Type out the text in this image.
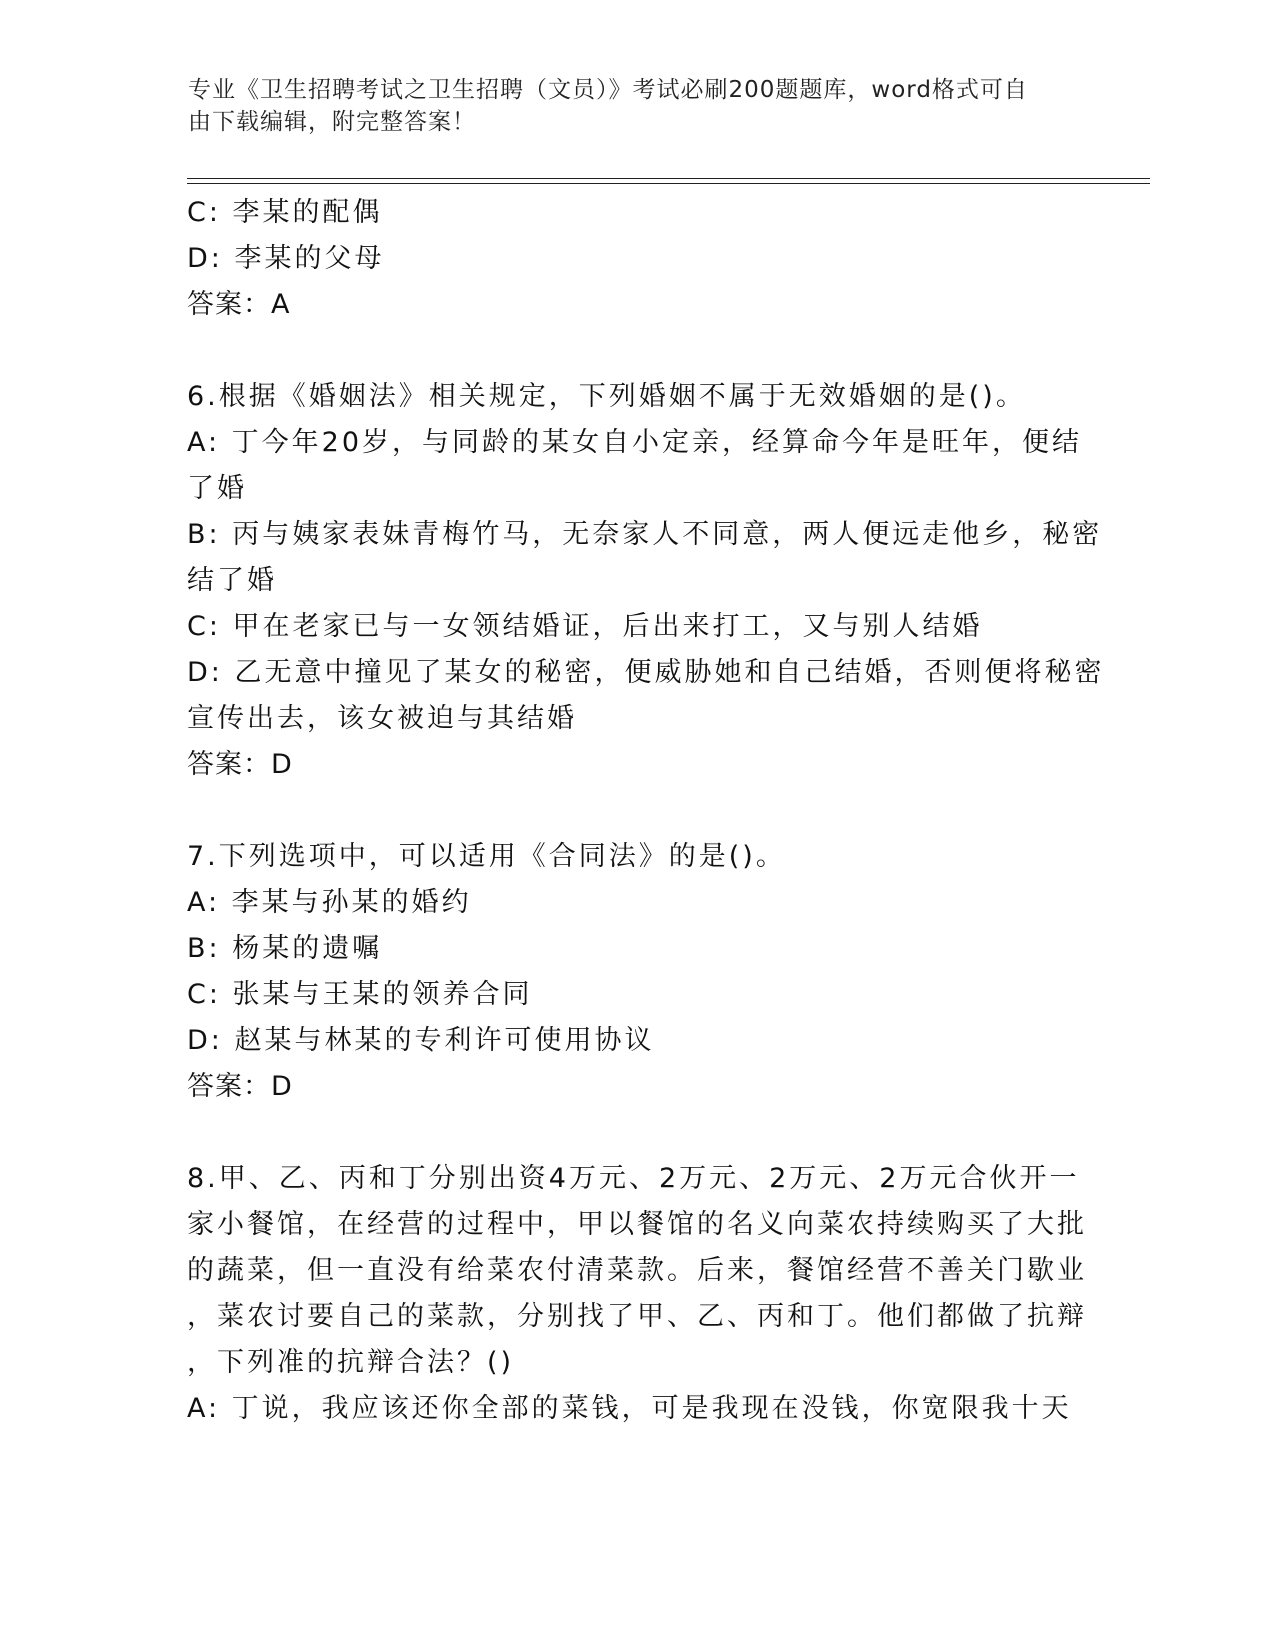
专业《卫生招聘考试之卫生招聘（文员）》考试必刷200题题库，word格式可自
由下载编辑，附完整答案！
C: 李某的配偶
D: 李某的父母
答案：A
6.根据《婚姻法》相关规定，下列婚姻不属于无效婚姻的是()。
A: 丁今年20岁，与同龄的某女自小定亲，经算命今年是旺年，便结
了婚
B: 丙与姨家表妹青梅竹马，无奈家人不同意，两人便远走他乡，秘密
结了婚
C: 甲在老家已与一女领结婚证，后出来打工，又与别人结婚
D: 乙无意中撞见了某女的秘密，便威胁她和自己结婚，否则便将秘密
宣传出去，该女被迫与其结婚
答案：D
7.下列选项中，可以适用《合同法》的是()。
A: 李某与孙某的婚约
B: 杨某的遗嘱
C: 张某与王某的领养合同
D: 赵某与林某的专利许可使用协议
答案：D
8.甲、乙、丙和丁分别出资4万元、2万元、2万元、2万元合伙开一
家小餐馆，在经营的过程中，甲以餐馆的名义向菜农持续购买了大批
的蔬菜，但一直没有给菜农付清菜款。后来，餐馆经营不善关门歇业
，菜农讨要自己的菜款，分别找了甲、乙、丙和丁。他们都做了抗辩
，下列准的抗辩合法？()
A: 丁说，我应该还你全部的菜钱，可是我现在没钱，你宽限我十天
